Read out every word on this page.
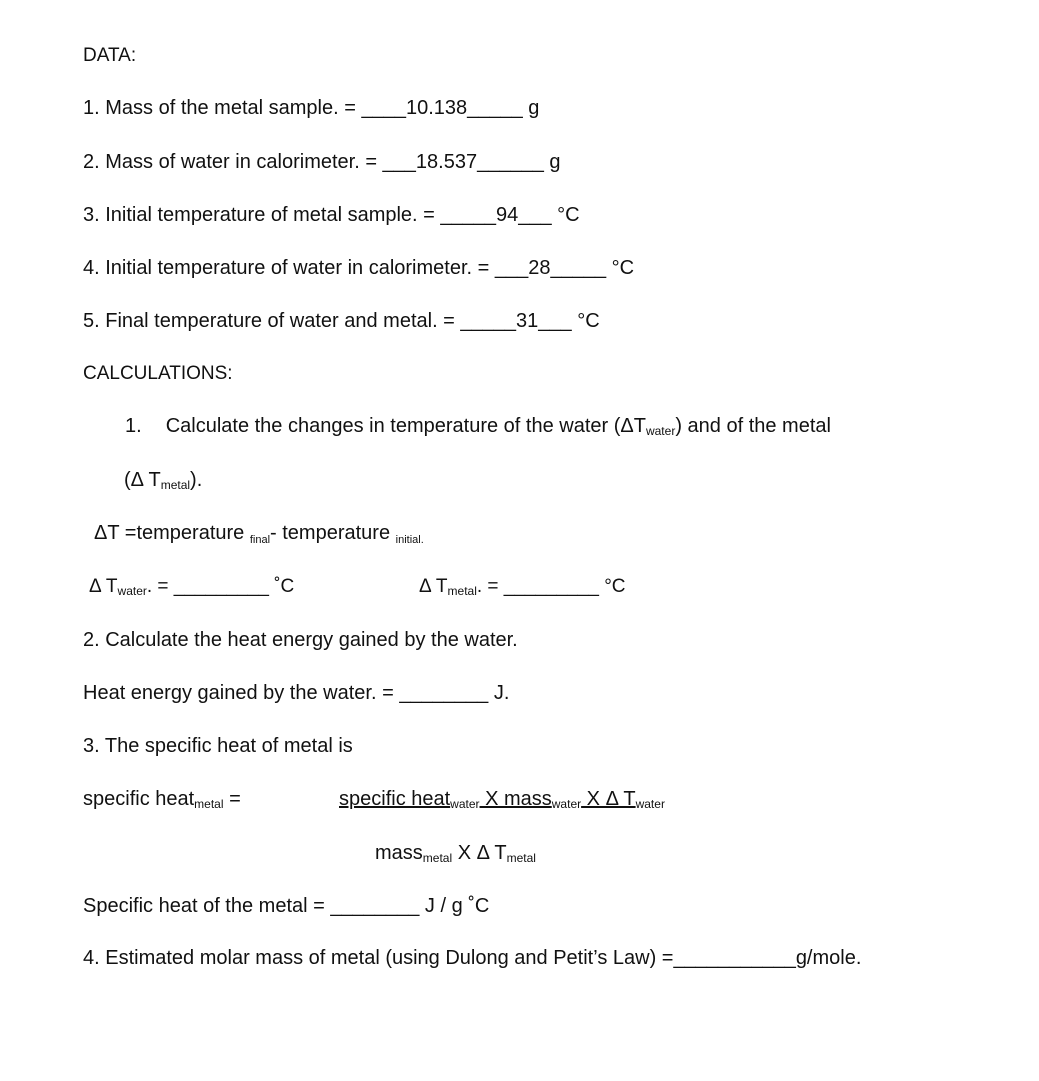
DATA:
1. Mass of the metal sample. = ____10.138_____ g
2. Mass of water in calorimeter. = ___18.537______ g
3. Initial temperature of metal sample. = _____94___ °C
4. Initial temperature of water in calorimeter. = ___28_____ °C
5. Final temperature of water and metal. = _____31___ °C
CALCULATIONS:
1. Calculate the changes in temperature of the water $(\Delta T_{water})$ and of the metal
(Δ $T_{metal}$).
ΔT =temperature $_{final}$- temperature $_{initial.}$
Δ $T_{water}$. = _________ ˚C	Δ $T_{metal}$. = _________ °C
2. Calculate the heat energy gained by the water.
Heat energy gained by the water. = ________ J.
3. The specific heat of metal is
specific heat$_{metal}$ =	specific heat$_{water}$ X mass$_{water}$ X Δ $T_{water}$
mass$_{metal}$ X Δ $T_{metal}$
Specific heat of the metal = ________ J / g ˚C
4. Estimated molar mass of metal (using Dulong and Petit’s Law) =___________g/mole.
